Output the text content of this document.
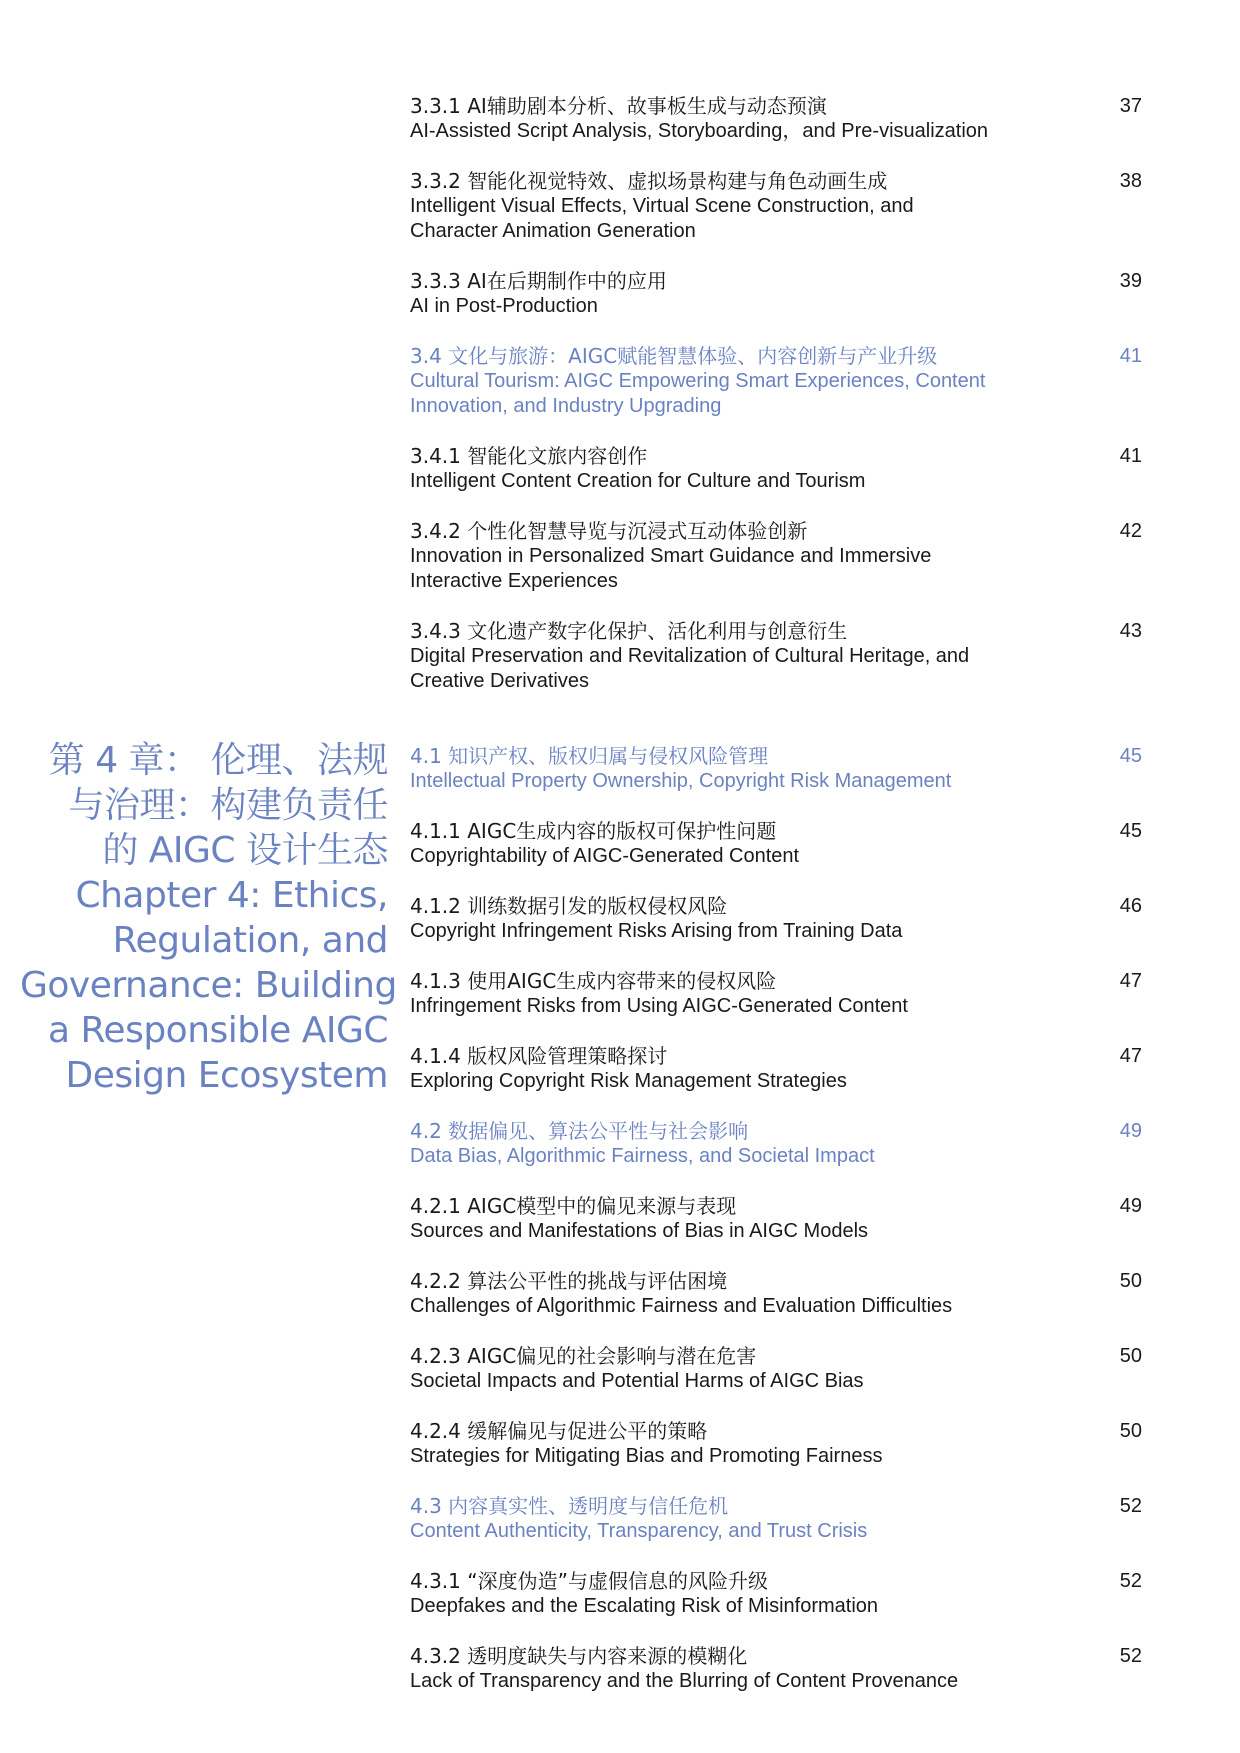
第 4 章： 伦理、法规
与治理：构建负责任
的 AIGC 设计生态
Chapter 4: Ethics,
Regulation, and
Governance: Building
a Responsible AIGC
Design Ecosystem
3.3.1 AI辅助剧本分析、故事板生成与动态预演
AI-Assisted Script Analysis, Storyboarding，and Pre-visualization
37
3.3.2 智能化视觉特效、虚拟场景构建与角色动画生成
Intelligent Visual Effects, Virtual Scene Construction, and
Character Animation Generation
38
3.3.3 AI在后期制作中的应用
AI in Post-Production
39
3.4 文化与旅游：AIGC赋能智慧体验、内容创新与产业升级
Cultural Tourism: AIGC Empowering Smart Experiences, Content
Innovation, and Industry Upgrading
41
3.4.1 智能化文旅内容创作
Intelligent Content Creation for Culture and Tourism
41
3.4.2 个性化智慧导览与沉浸式互动体验创新
Innovation in Personalized Smart Guidance and Immersive
Interactive Experiences
42
3.4.3 文化遗产数字化保护、活化利用与创意衍生
Digital Preservation and Revitalization of Cultural Heritage, and
Creative Derivatives
43
4.1 知识产权、版权归属与侵权风险管理
Intellectual Property Ownership, Copyright Risk Management
45
4.1.1 AIGC生成内容的版权可保护性问题
Copyrightability of AIGC-Generated Content
45
4.1.2 训练数据引发的版权侵权风险
Copyright Infringement Risks Arising from Training Data
46
4.1.3 使用AIGC生成内容带来的侵权风险
Infringement Risks from Using AIGC-Generated Content
47
4.1.4 版权风险管理策略探讨
Exploring Copyright Risk Management Strategies
47
4.2 数据偏见、算法公平性与社会影响
Data Bias, Algorithmic Fairness, and Societal Impact
49
4.2.1 AIGC模型中的偏见来源与表现
Sources and Manifestations of Bias in AIGC Models
49
4.2.2 算法公平性的挑战与评估困境
Challenges of Algorithmic Fairness and Evaluation Difficulties
50
4.2.3 AIGC偏见的社会影响与潜在危害
Societal Impacts and Potential Harms of AIGC Bias
50
4.2.4 缓解偏见与促进公平的策略
Strategies for Mitigating Bias and Promoting Fairness
50
4.3 内容真实性、透明度与信任危机
Content Authenticity, Transparency, and Trust Crisis
52
4.3.1 “深度伪造”与虚假信息的风险升级
Deepfakes and the Escalating Risk of Misinformation
52
4.3.2 透明度缺失与内容来源的模糊化
Lack of Transparency and the Blurring of Content Provenance
52
